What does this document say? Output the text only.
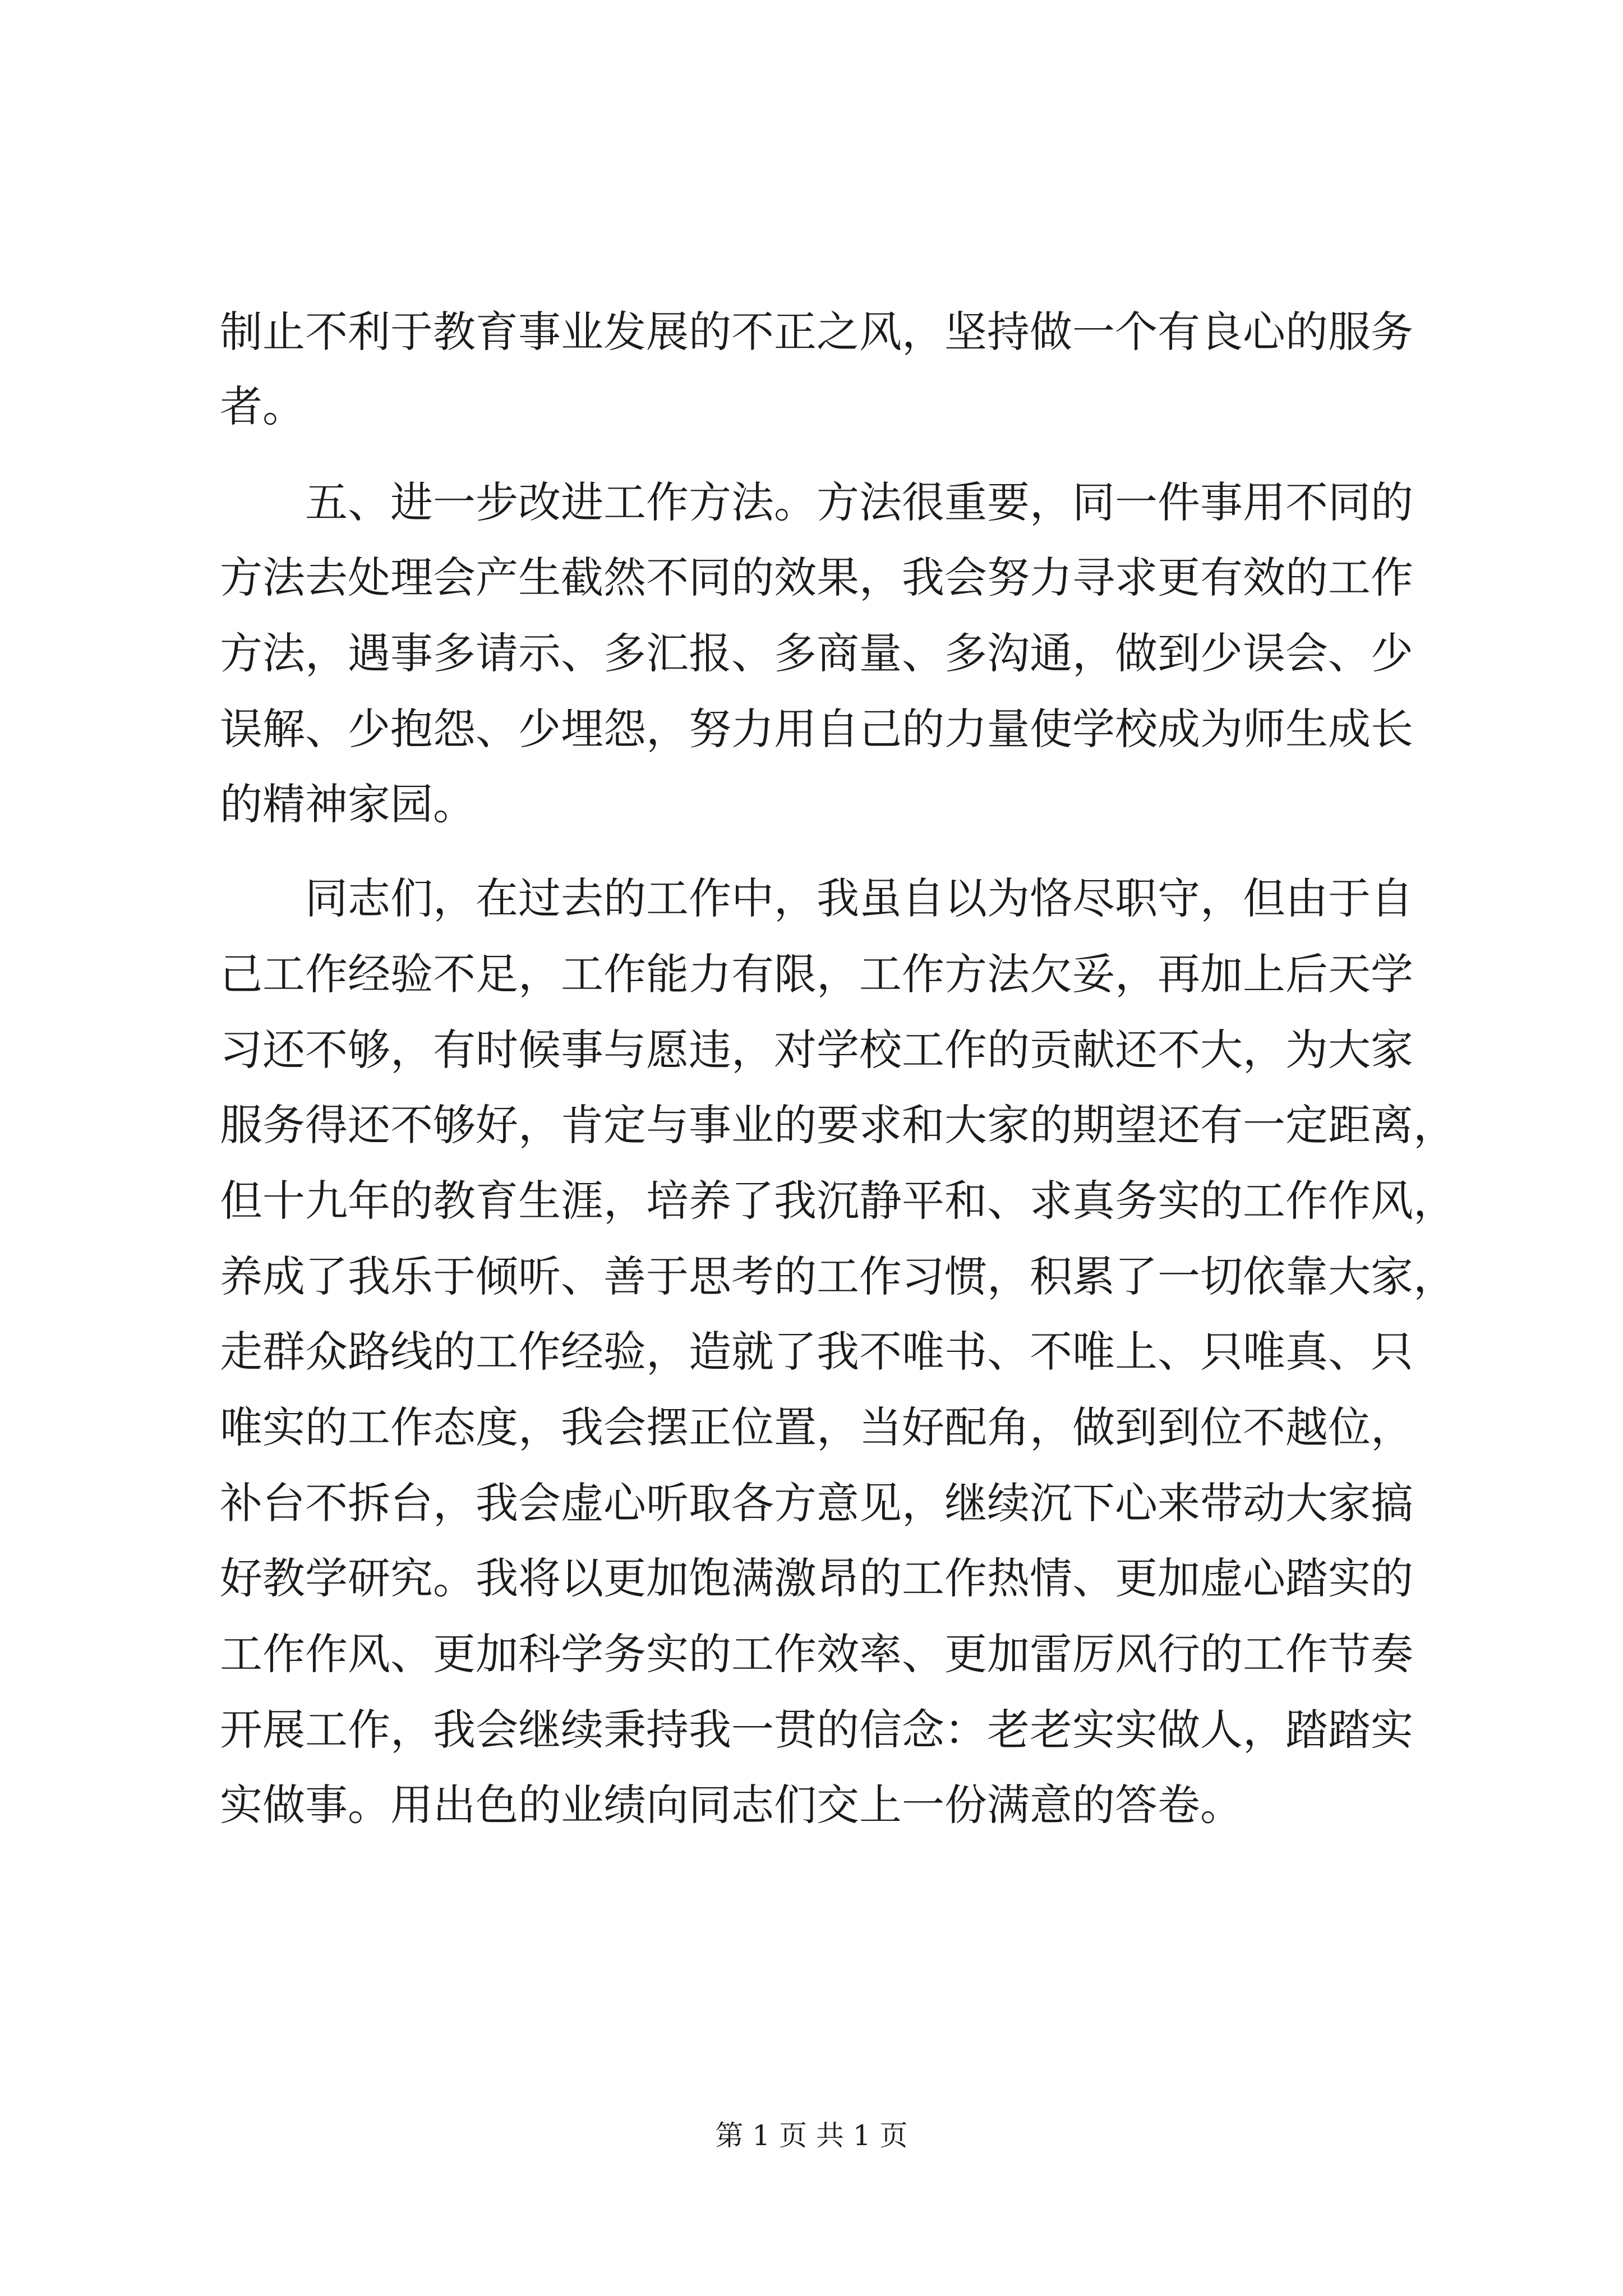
制止不利于教育事业发展的不正之风，坚持做一个有良心的服务
者。
五、进一步改进工作方法。方法很重要，同一件事用不同的
方法去处理会产生截然不同的效果，我会努力寻求更有效的工作
方法，遇事多请示、多汇报、多商量、多沟通，做到少误会、少
误解、少抱怨、少埋怨，努力用自己的力量使学校成为师生成长
的精神家园。
同志们，在过去的工作中，我虽自以为恪尽职守，但由于自
己工作经验不足，工作能力有限，工作方法欠妥，再加上后天学
习还不够，有时候事与愿违，对学校工作的贡献还不大，为大家
服务得还不够好，肯定与事业的要求和大家的期望还有一定距离，
但十九年的教育生涯，培养了我沉静平和、求真务实的工作作风，
养成了我乐于倾听、善于思考的工作习惯，积累了一切依靠大家，
走群众路线的工作经验，造就了我不唯书、不唯上、只唯真、只
唯实的工作态度，我会摆正位置，当好配角，做到到位不越位，
补台不拆台，我会虚心听取各方意见，继续沉下心来带动大家搞
好教学研究。我将以更加饱满激昂的工作热情、更加虚心踏实的
工作作风、更加科学务实的工作效率、更加雷厉风行的工作节奏
开展工作，我会继续秉持我一贯的信念：老老实实做人，踏踏实
实做事。用出色的业绩向同志们交上一份满意的答卷。
第 1 页 共 1 页
